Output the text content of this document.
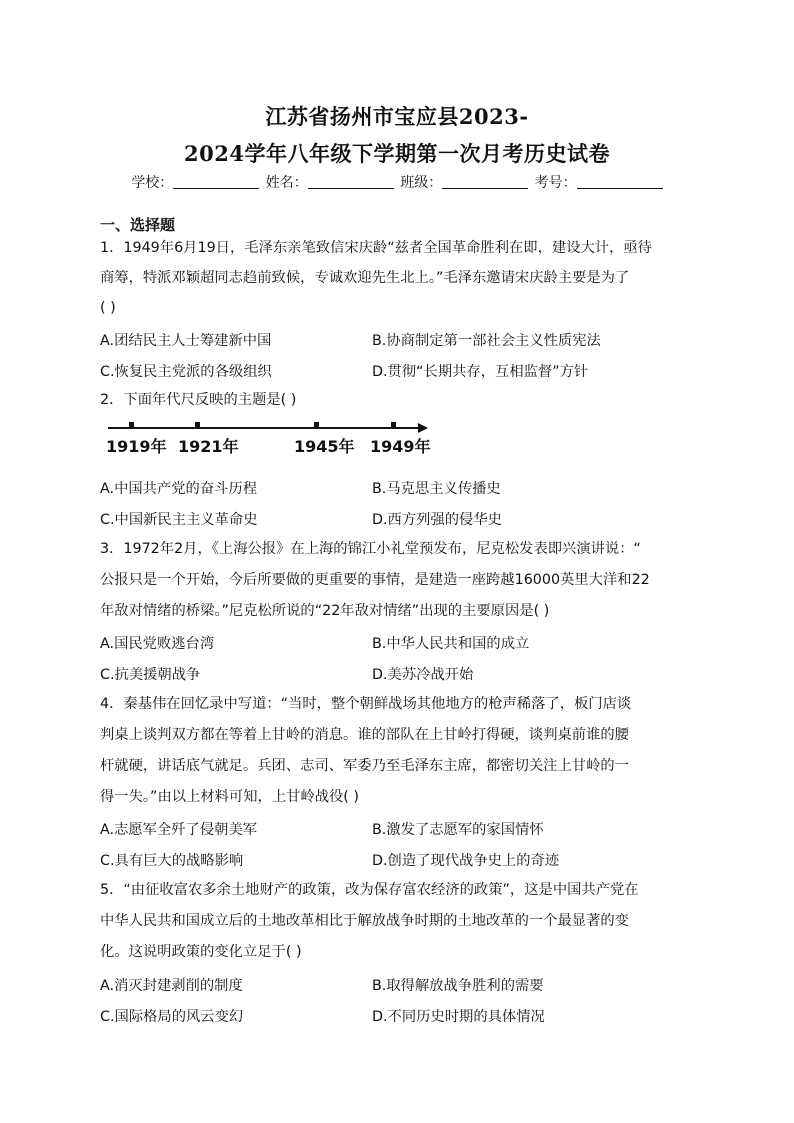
江苏省扬州市宝应县2023-
2024学年八年级下学期第一次月考历史试卷
学校：	姓名：	班级：	考号：
一、选择题
1．1949年6月19日，毛泽东亲笔致信宋庆龄“兹者全国革命胜利在即，建设大计，亟待
商筹，特派邓颖超同志趋前致候，专诚欢迎先生北上。”毛泽东邀请宋庆龄主要是为了
( )
A.团结民主人士筹建新中国	B.协商制定第一部社会主义性质宪法
C.恢复民主党派的各级组织	D.贯彻“长期共存，互相监督”方针
2．下面年代尺反映的主题是( )
1919年 1921年	1945年 1949年
A.中国共产党的奋斗历程	B.马克思主义传播史
C.中国新民主主义革命史	D.西方列强的侵华史
3．1972年2月，《上海公报》在上海的锦江小礼堂预发布，尼克松发表即兴演讲说：“
公报只是一个开始，今后所要做的更重要的事情，是建造一座跨越16000英里大洋和22
年敌对情绪的桥梁。”尼克松所说的“22年敌对情绪”出现的主要原因是( )
A.国民党败逃台湾	B.中华人民共和国的成立
C.抗美援朝战争	D.美苏冷战开始
4．秦基伟在回忆录中写道：“当时，整个朝鲜战场其他地方的枪声稀落了，板门店谈
判桌上谈判双方都在等着上甘岭的消息。谁的部队在上甘岭打得硬，谈判桌前谁的腰
杆就硬，讲话底气就足。兵团、志司、军委乃至毛泽东主席，都密切关注上甘岭的一
得一失。”由以上材料可知，上甘岭战役( )
A.志愿军全歼了侵朝美军	B.激发了志愿军的家国情怀
C.具有巨大的战略影响	D.创造了现代战争史上的奇迹
5．“由征收富农多余土地财产的政策，改为保存富农经济的政策”，这是中国共产党在
中华人民共和国成立后的土地改革相比于解放战争时期的土地改革的一个最显著的变
化。这说明政策的变化立足于( )
A.消灭封建剥削的制度	B.取得解放战争胜利的需要
C.国际格局的风云变幻	D.不同历史时期的具体情况
